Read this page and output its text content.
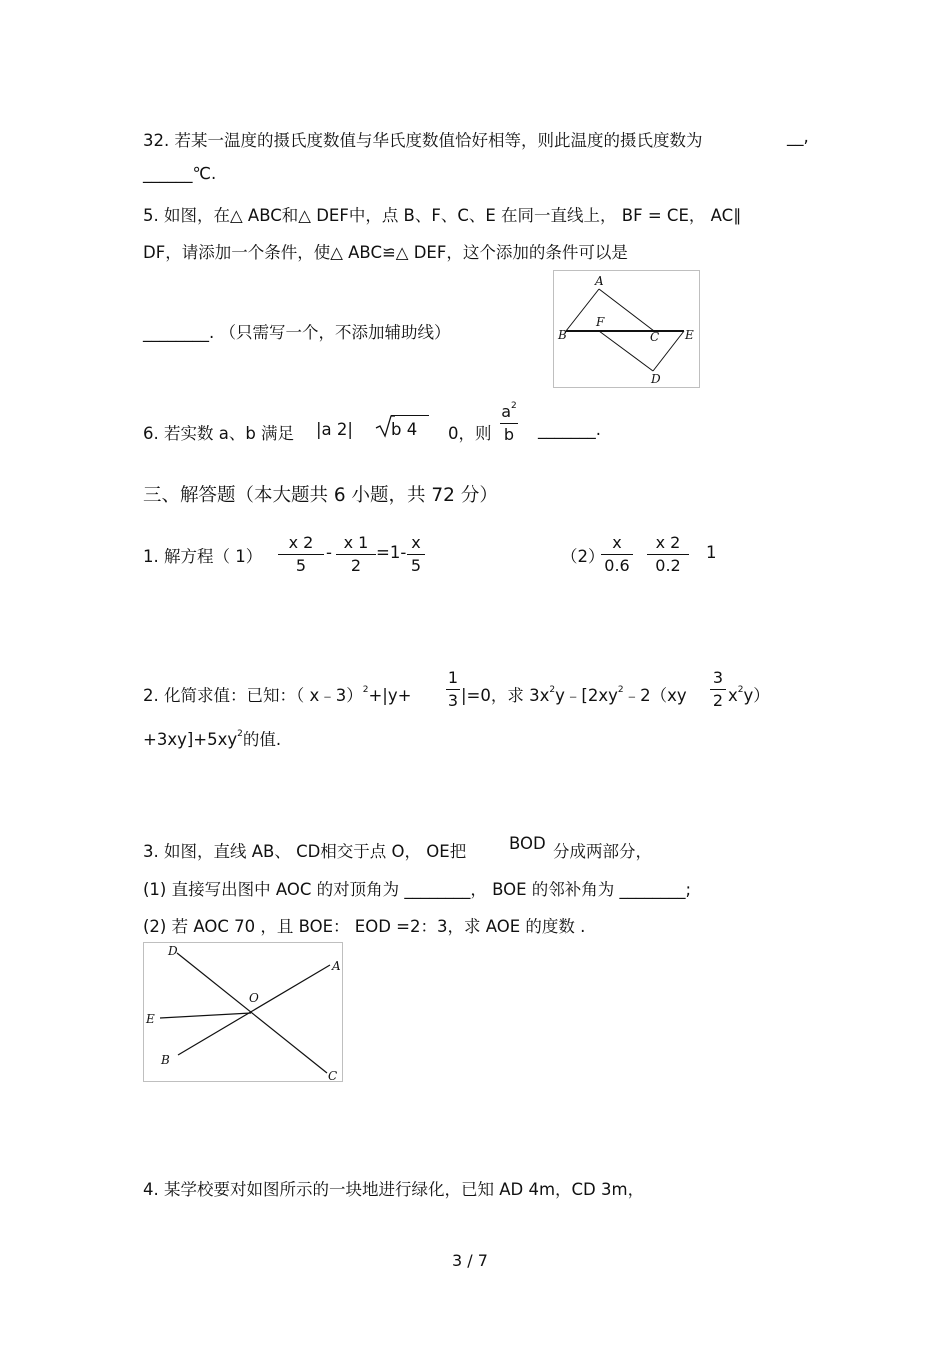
32. 若某一温度的摄氏度数值与华氏度数值恰好相等，则此温度的摄氏度数为	__,
______℃.
5. 如图，在△ ABC和△ DEF中，点 B、F、C、E 在同一直线上， BF = CE， AC∥
DF，请添加一个条件，使△ ABC≌△ DEF，这个添加的条件可以是
________. （只需写一个，不添加辅助线）
A
B
F
C E
D
6. 若实数 a、b 满足 |a 2| b 4	0，则
$a^2$
b _______.
三、解答题（本大题共 6 小题，共 72 分）
1. 解方程（ 1）
x 2
5
-
x 1
2
=1-
x
5	（2）
x
0.6
x 2
0.2
1
2. 化简求值：已知：（ x﹣3）$^2$+|y+
1
3 |=0，求 $3x^2y﹣[2xy^2﹣2(xy$
3
2 $x^2y$）
$+3xy]+5xy^2$的值.
3. 如图，直线 AB、 CD相交于点 O， OE把	BOD 分成两部分，
(1) 直接写出图中 AOC 的对顶角为 ________， BOE 的邻补角为 ________;
(2) 若 AOC 70 ，且 BOE： EOD =2：3，求 AOE 的度数 .
D
A
O
E
B
C
4. 某学校要对如图所示的一块地进行绿化，已知 AD 4m，CD 3m，
3 / 7
